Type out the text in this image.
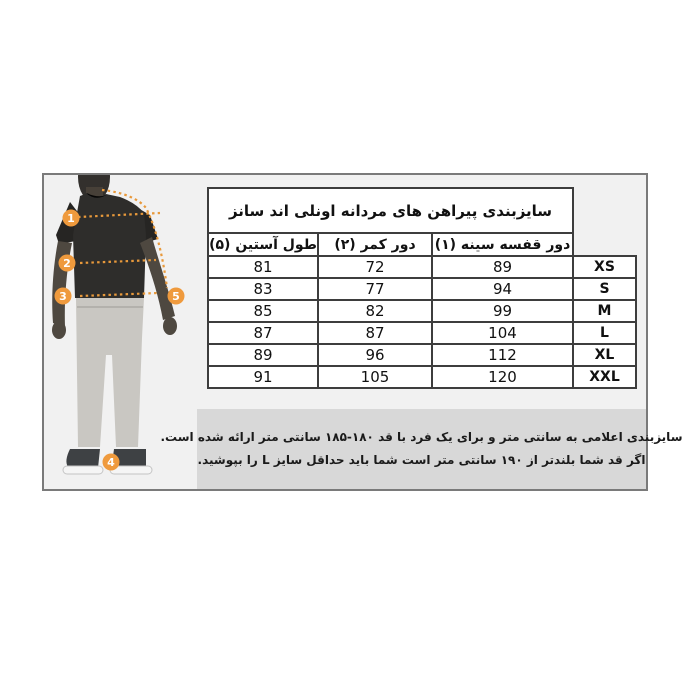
1
2
3
4
5
	سایزبندی پیراهن های مردانه اونلی اند سانز		
	دور قفسه سینه (۱)	دور کمر (۲)	طول آستین (۵)
XS	89	72	81
S	94	77	83
M	99	82	85
L	104	87	87
XL	112	96	89
XXL	120	105	91
سایزبندی اعلامی به سانتی متر و برای یک فرد با قد ۱۸۰-۱۸۵ سانتی متر ارائه شده است.
اگر قد شما بلندتر از ۱۹۰ سانتی متر است شما باید حداقل سایز L را بپوشید.
